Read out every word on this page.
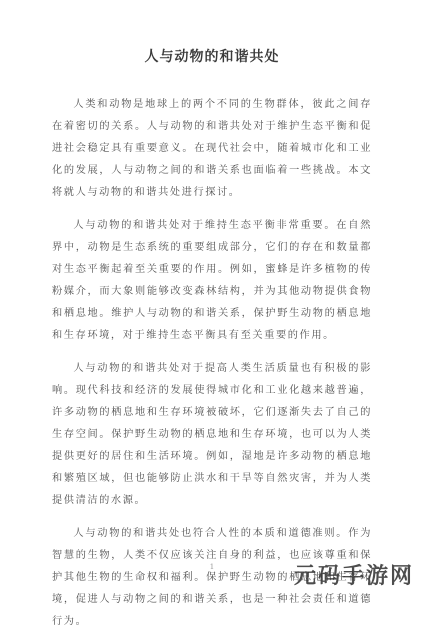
人与动物的和谐共处

人类和动物是地球上的两个不同的生物群体，彼此之间存在着密切的关系。人与动物的和谐共处对于维护生态平衡和促进社会稳定具有重要意义。在现代社会中，随着城市化和工业化的发展，人与动物之间的和谐关系也面临着一些挑战。本文将就人与动物的和谐共处进行探讨。

人与动物的和谐共处对于维持生态平衡非常重要。在自然界中，动物是生态系统的重要组成部分，它们的存在和数量都对生态平衡起着至关重要的作用。例如，蜜蜂是许多植物的传粉媒介，而大象则能够改变森林结构，并为其他动物提供食物和栖息地。维护人与动物的和谐关系，保护野生动物的栖息地和生存环境，对于维持生态平衡具有至关重要的作用。

人与动物的和谐共处对于提高人类生活质量也有积极的影响。现代科技和经济的发展使得城市化和工业化越来越普遍，许多动物的栖息地和生存环境被破坏，它们逐渐失去了自己的生存空间。保护野生动物的栖息地和生存环境，也可以为人类提供更好的居住和生活环境。例如，湿地是许多动物的栖息地和繁殖区域，但也能够防止洪水和干旱等自然灾害，并为人类提供清洁的水源。

人与动物的和谐共处也符合人性的本质和道德准则。作为智慧的生物，人类不仅应该关注自身的利益，也应该尊重和保护其他生物的生命权和福利。保护野生动物的栖息地和生存环境，促进人与动物之间的和谐关系，也是一种社会责任和道德行为。

1	元码手游网
